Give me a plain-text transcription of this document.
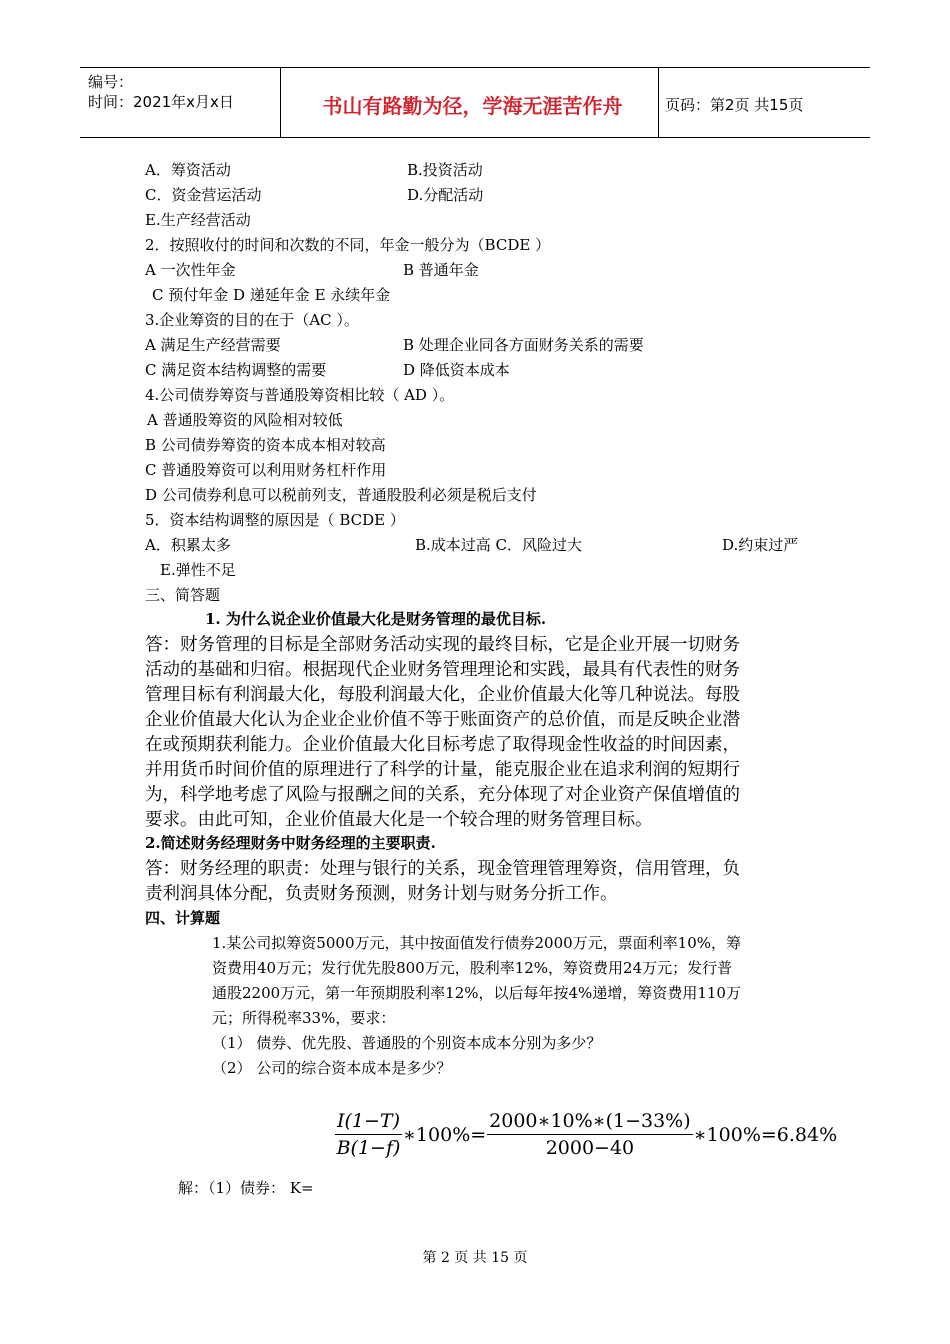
编号：
时间：2021年x月x日	书山有路勤为径，学海无涯苦作舟	页码：第2页 共15页
A．筹资活动	B.投资活动
C．资金营运活动	D.分配活动
E.生产经营活动
2．按照收付的时间和次数的不同，年金一般分为（BCDE ）
A 一次性年金	B 普通年金
C 预付年金 D 递延年金 E 永续年金
3.企业筹资的目的在于（AC ）。
A 满足生产经营需要	B 处理企业同各方面财务关系的需要
C 满足资本结构调整的需要	D 降低资本成本
4.公司债券筹资与普通股筹资相比较（ AD ）。
A 普通股筹资的风险相对较低
B 公司债券筹资的资本成本相对较高
C 普通股筹资可以利用财务杠杆作用
D 公司债券利息可以税前列支，普通股股利必须是税后支付
5．资本结构调整的原因是（ BCDE ）
A．积累太多	B.成本过高 C．风险过大	D.约束过严
E.弹性不足
三、简答题
1. 为什么说企业价值最大化是财务管理的最优目标.
答：财务管理的目标是全部财务活动实现的最终目标，它是企业开展一切财务
活动的基础和归宿。根据现代企业财务管理理论和实践，最具有代表性的财务
管理目标有利润最大化，每股利润最大化，企业价值最大化等几种说法。每股
企业价值最大化认为企业企业价值不等于账面资产的总价值，而是反映企业潜
在或预期获利能力。企业价值最大化目标考虑了取得现金性收益的时间因素，
并用货币时间价值的原理进行了科学的计量，能克服企业在追求利润的短期行
为，科学地考虑了风险与报酬之间的关系，充分体现了对企业资产保值增值的
要求。由此可知，企业价值最大化是一个较合理的财务管理目标。
2.简述财务经理财务中财务经理的主要职责.
答：财务经理的职责：处理与银行的关系，现金管理管理筹资，信用管理，负
责利润具体分配，负责财务预测，财务计划与财务分折工作。
四、计算题
1.某公司拟筹资5000万元，其中按面值发行债券2000万元，票面利率10%，筹
资费用40万元；发行优先股800万元，股利率12%，筹资费用24万元；发行普
通股2200万元，第一年预期股利率12%，以后每年按4%递增，筹资费用110万
元；所得税率33%，要求：
（1） 债券、优先股、普通股的个别资本成本分别为多少？
（2） 公司的综合资本成本是多少？
$\frac{I(1-T)}{B(1-f)}$ ∗100%= $\frac{2000∗10\%∗(1-33\%)}{2000-40}$ ∗100%=6.84%
解：（1）债券： K=
第 2 页 共 15 页
